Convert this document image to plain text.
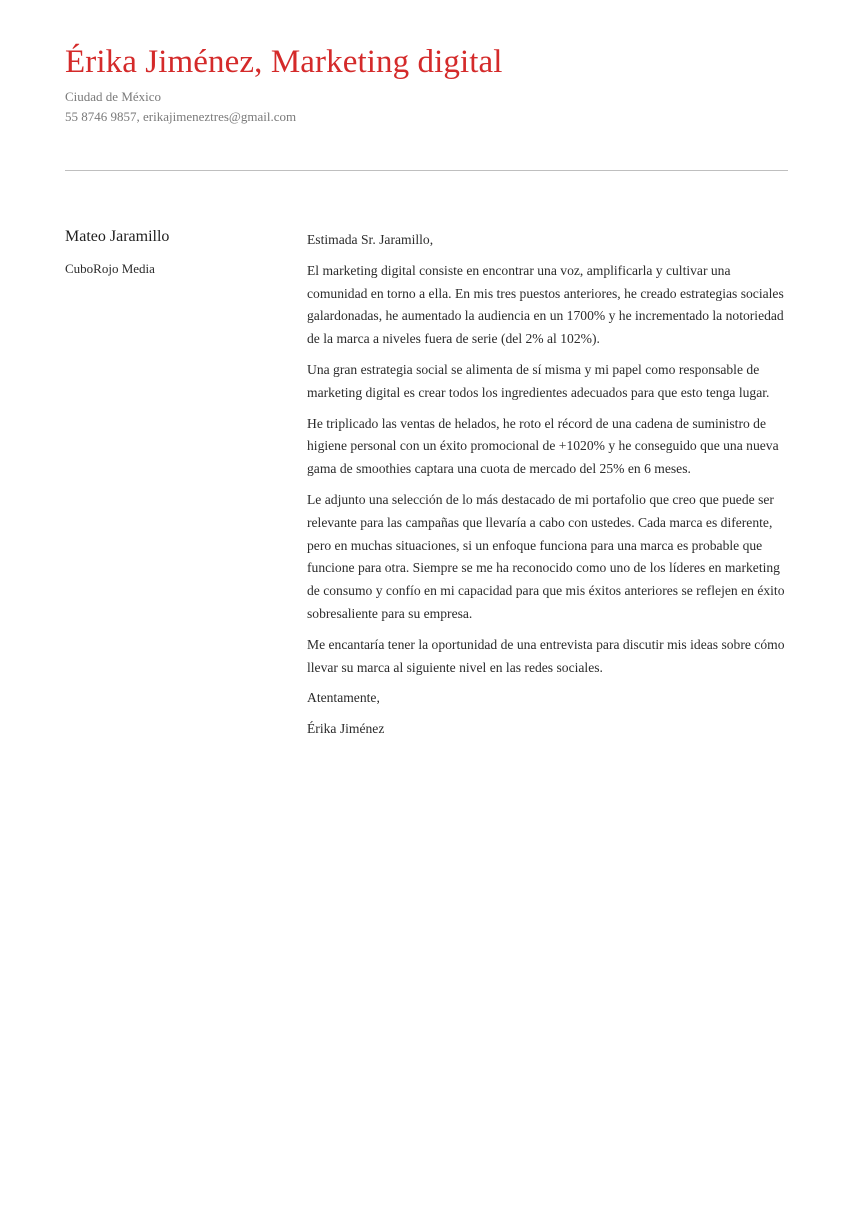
Érika Jiménez, Marketing digital
Ciudad de México
55 8746 9857, erikajimeneztres@gmail.com
Mateo Jaramillo
CuboRojo Media

Estimada Sr. Jaramillo,

El marketing digital consiste en encontrar una voz, amplificarla y cultivar una comunidad en torno a ella. En mis tres puestos anteriores, he creado estrategias sociales galardonadas, he aumentado la audiencia en un 1700% y he incrementado la notoriedad de la marca a niveles fuera de serie (del 2% al 102%).

Una gran estrategia social se alimenta de sí misma y mi papel como responsable de marketing digital es crear todos los ingredientes adecuados para que esto tenga lugar.

He triplicado las ventas de helados, he roto el récord de una cadena de suministro de higiene personal con un éxito promocional de +1020% y he conseguido que una nueva gama de smoothies captara una cuota de mercado del 25% en 6 meses.

Le adjunto una selección de lo más destacado de mi portafolio que creo que puede ser relevante para las campañas que llevaría a cabo con ustedes. Cada marca es diferente, pero en muchas situaciones, si un enfoque funciona para una marca es probable que funcione para otra. Siempre se me ha reconocido como uno de los líderes en marketing de consumo y confío en mi capacidad para que mis éxitos anteriores se reflejen en éxito sobresaliente para su empresa.

Me encantaría tener la oportunidad de una entrevista para discutir mis ideas sobre cómo llevar su marca al siguiente nivel en las redes sociales.

Atentamente,

Érika Jiménez
